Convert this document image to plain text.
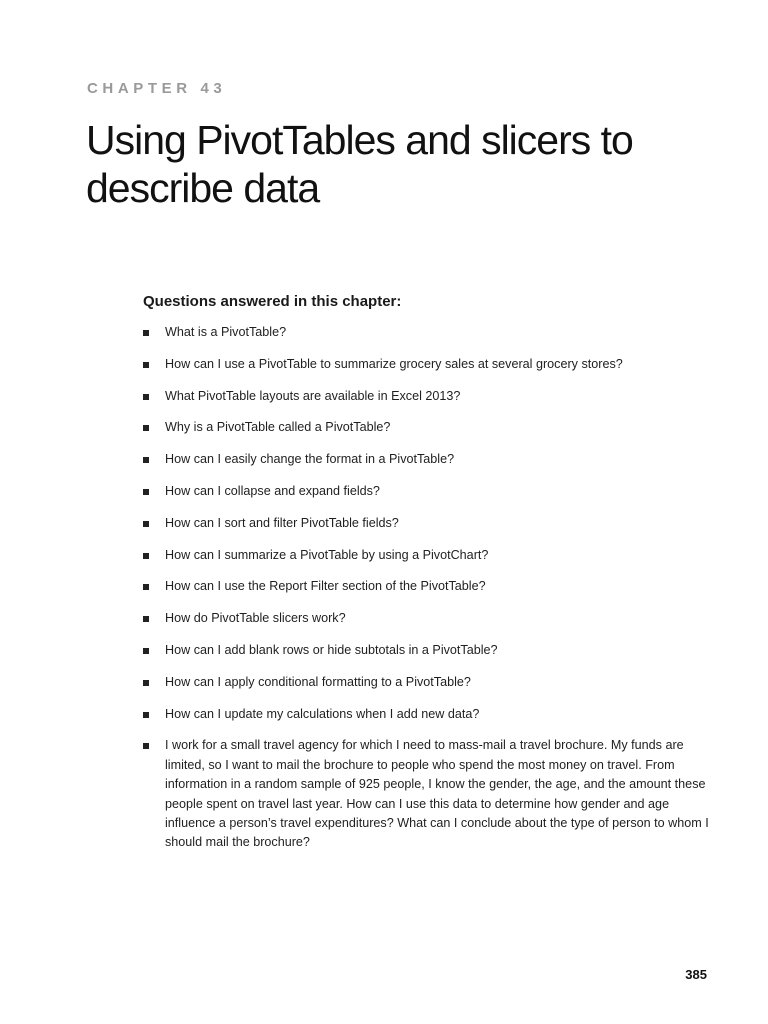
CHAPTER 43
Using PivotTables and slicers to describe data
Questions answered in this chapter:
What is a PivotTable?
How can I use a PivotTable to summarize grocery sales at several grocery stores?
What PivotTable layouts are available in Excel 2013?
Why is a PivotTable called a PivotTable?
How can I easily change the format in a PivotTable?
How can I collapse and expand fields?
How can I sort and filter PivotTable fields?
How can I summarize a PivotTable by using a PivotChart?
How can I use the Report Filter section of the PivotTable?
How do PivotTable slicers work?
How can I add blank rows or hide subtotals in a PivotTable?
How can I apply conditional formatting to a PivotTable?
How can I update my calculations when I add new data?
I work for a small travel agency for which I need to mass-mail a travel brochure. My funds are limited, so I want to mail the brochure to people who spend the most money on travel. From information in a random sample of 925 people, I know the gender, the age, and the amount these people spent on travel last year. How can I use this data to determine how gender and age influence a person’s travel expenditures? What can I conclude about the type of person to whom I should mail the brochure?
385
